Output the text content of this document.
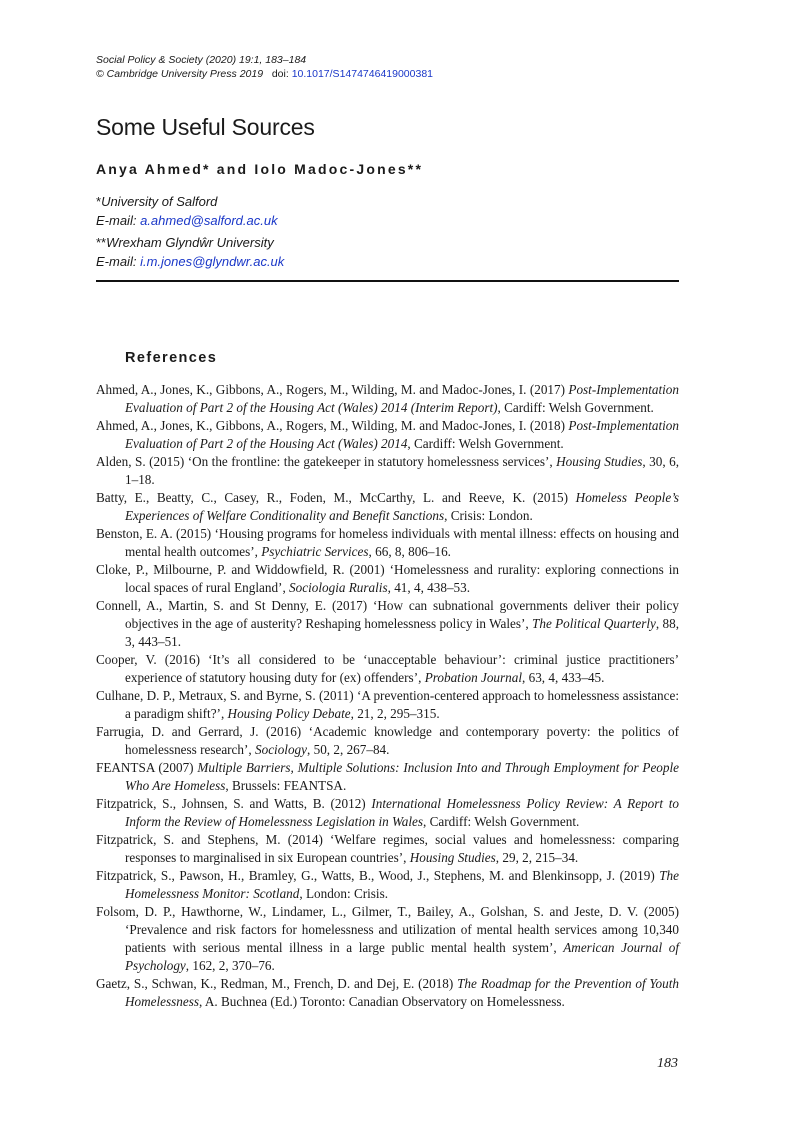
Social Policy & Society (2020) 19:1, 183–184
© Cambridge University Press 2019 doi: 10.1017/S1474746419000381
Some Useful Sources
Anya Ahmed* and Iolo Madoc-Jones**
*University of Salford
E-mail: a.ahmed@salford.ac.uk
**Wrexham Glyndŵr University
E-mail: i.m.jones@glyndwr.ac.uk
References
Ahmed, A., Jones, K., Gibbons, A., Rogers, M., Wilding, M. and Madoc-Jones, I. (2017) Post-Implementation Evaluation of Part 2 of the Housing Act (Wales) 2014 (Interim Report), Cardiff: Welsh Government.
Ahmed, A., Jones, K., Gibbons, A., Rogers, M., Wilding, M. and Madoc-Jones, I. (2018) Post-Implementation Evaluation of Part 2 of the Housing Act (Wales) 2014, Cardiff: Welsh Government.
Alden, S. (2015) ‘On the frontline: the gatekeeper in statutory homelessness services’, Housing Studies, 30, 6, 1–18.
Batty, E., Beatty, C., Casey, R., Foden, M., McCarthy, L. and Reeve, K. (2015) Homeless People’s Experiences of Welfare Conditionality and Benefit Sanctions, Crisis: London.
Benston, E. A. (2015) ‘Housing programs for homeless individuals with mental illness: effects on housing and mental health outcomes’, Psychiatric Services, 66, 8, 806–16.
Cloke, P., Milbourne, P. and Widdowfield, R. (2001) ‘Homelessness and rurality: exploring connections in local spaces of rural England’, Sociologia Ruralis, 41, 4, 438–53.
Connell, A., Martin, S. and St Denny, E. (2017) ‘How can subnational governments deliver their policy objectives in the age of austerity? Reshaping homelessness policy in Wales’, The Political Quarterly, 88, 3, 443–51.
Cooper, V. (2016) ‘It’s all considered to be ‘unacceptable behaviour’: criminal justice practitioners’ experience of statutory housing duty for (ex) offenders’, Probation Journal, 63, 4, 433–45.
Culhane, D. P., Metraux, S. and Byrne, S. (2011) ‘A prevention-centered approach to homelessness assistance: a paradigm shift?’, Housing Policy Debate, 21, 2, 295–315.
Farrugia, D. and Gerrard, J. (2016) ‘Academic knowledge and contemporary poverty: the politics of homelessness research’, Sociology, 50, 2, 267–84.
FEANTSA (2007) Multiple Barriers, Multiple Solutions: Inclusion Into and Through Employment for People Who Are Homeless, Brussels: FEANTSA.
Fitzpatrick, S., Johnsen, S. and Watts, B. (2012) International Homelessness Policy Review: A Report to Inform the Review of Homelessness Legislation in Wales, Cardiff: Welsh Government.
Fitzpatrick, S. and Stephens, M. (2014) ‘Welfare regimes, social values and homelessness: comparing responses to marginalised in six European countries’, Housing Studies, 29, 2, 215–34.
Fitzpatrick, S., Pawson, H., Bramley, G., Watts, B., Wood, J., Stephens, M. and Blenkinsopp, J. (2019) The Homelessness Monitor: Scotland, London: Crisis.
Folsom, D. P., Hawthorne, W., Lindamer, L., Gilmer, T., Bailey, A., Golshan, S. and Jeste, D. V. (2005) ‘Prevalence and risk factors for homelessness and utilization of mental health services among 10,340 patients with serious mental illness in a large public mental health system’, American Journal of Psychology, 162, 2, 370–76.
Gaetz, S., Schwan, K., Redman, M., French, D. and Dej, E. (2018) The Roadmap for the Prevention of Youth Homelessness, A. Buchnea (Ed.) Toronto: Canadian Observatory on Homelessness.
183
